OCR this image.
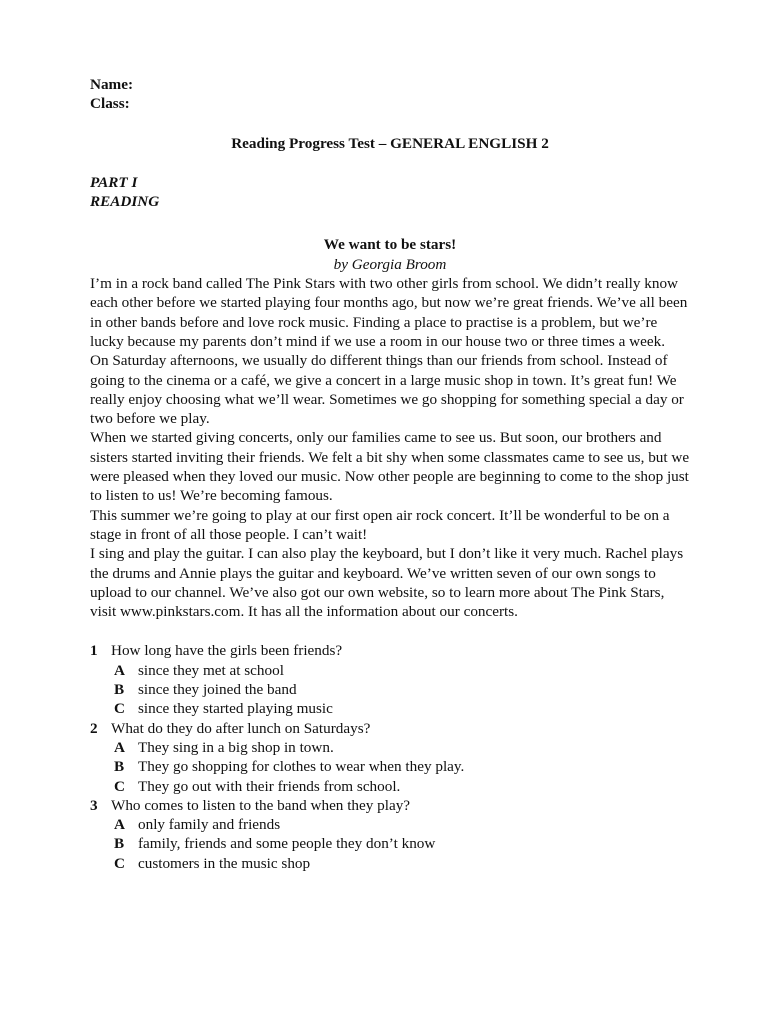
Name:
Class:
Reading Progress Test – GENERAL ENGLISH 2
PART I
READING
We want to be stars!
by Georgia Broom

I’m in a rock band called The Pink Stars with two other girls from school. We didn’t really know each other before we started playing four months ago, but now we’re great friends. We’ve all been in other bands before and love rock music. Finding a place to practise is a problem, but we’re lucky because my parents don’t mind if we use a room in our house two or three times a week.

On Saturday afternoons, we usually do different things than our friends from school. Instead of going to the cinema or a café, we give a concert in a large music shop in town. It’s great fun! We really enjoy choosing what we’ll wear. Sometimes we go shopping for something special a day or two before we play.

When we started giving concerts, only our families came to see us. But soon, our brothers and sisters started inviting their friends. We felt a bit shy when some classmates came to see us, but we were pleased when they loved our music. Now other people are beginning to come to the shop just to listen to us! We’re becoming famous.

This summer we’re going to play at our first open air rock concert. It’ll be wonderful to be on a stage in front of all those people. I can’t wait!

I sing and play the guitar. I can also play the keyboard, but I don’t like it very much. Rachel plays the drums and Annie plays the guitar and keyboard. We’ve written seven of our own songs to upload to our channel. We’ve also got our own website, so to learn more about The Pink Stars, visit www.pinkstars.com. It has all the information about our concerts.

1 How long have the girls been friends?
A since they met at school
B since they joined the band
C since they started playing music
2 What do they do after lunch on Saturdays?
A They sing in a big shop in town.
B They go shopping for clothes to wear when they play.
C They go out with their friends from school.
3 Who comes to listen to the band when they play?
A only family and friends
B family, friends and some people they don’t know
C customers in the music shop
